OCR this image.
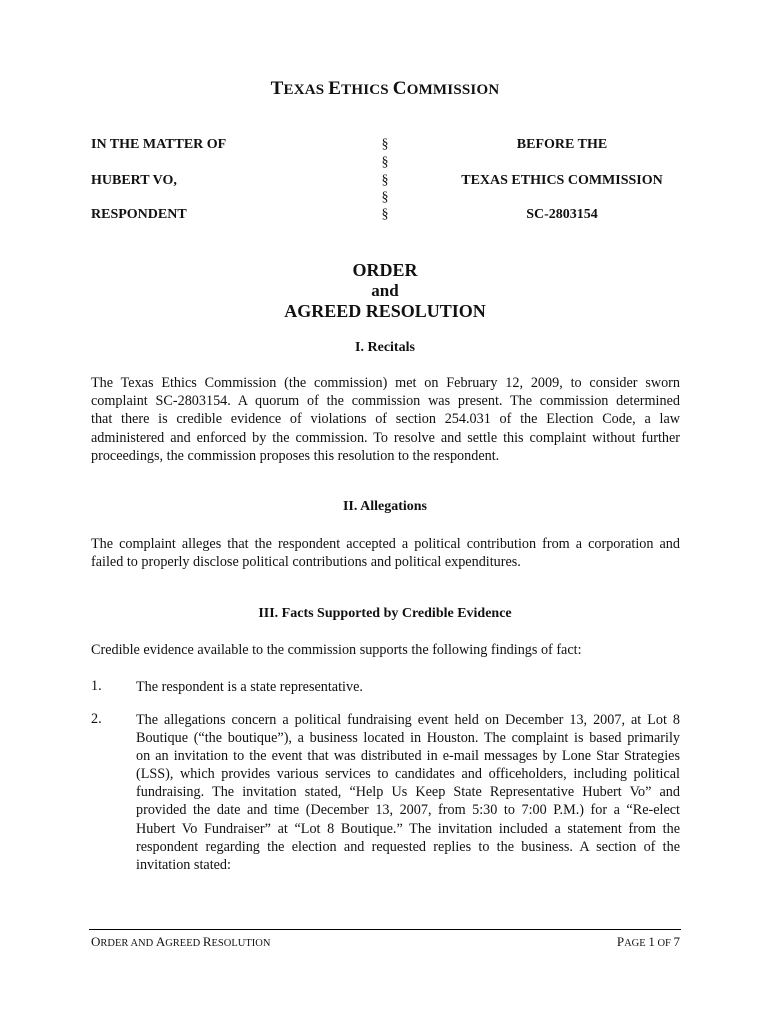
TEXAS ETHICS COMMISSION
IN THE MATTER OF
HUBERT VO,
RESPONDENT
§
§
§
§
§
BEFORE THE
TEXAS ETHICS COMMISSION
SC-2803154
ORDER
and
AGREED RESOLUTION
I. Recitals
The Texas Ethics Commission (the commission) met on February 12, 2009, to consider sworn
complaint SC-2803154. A quorum of the commission was present. The commission determined
that there is credible evidence of violations of section 254.031 of the Election Code, a law
administered and enforced by the commission. To resolve and settle this complaint without further
proceedings, the commission proposes this resolution to the respondent.
II. Allegations
The complaint alleges that the respondent accepted a political contribution from a corporation and
failed to properly disclose political contributions and political expenditures.
III. Facts Supported by Credible Evidence
Credible evidence available to the commission supports the following findings of fact:
1. The respondent is a state representative.
2. The allegations concern a political fundraising event held on December 13, 2007, at Lot 8
Boutique (“the boutique”), a business located in Houston. The complaint is based primarily
on an invitation to the event that was distributed in e-mail messages by Lone Star Strategies
(LSS), which provides various services to candidates and officeholders, including political
fundraising. The invitation stated, “Help Us Keep State Representative Hubert Vo” and
provided the date and time (December 13, 2007, from 5:30 to 7:00 P.M.) for a “Re-elect
Hubert Vo Fundraiser” at “Lot 8 Boutique.” The invitation included a statement from the
respondent regarding the election and requested replies to the business. A section of the
invitation stated:
ORDER AND AGREED RESOLUTION	PAGE 1 OF 7
